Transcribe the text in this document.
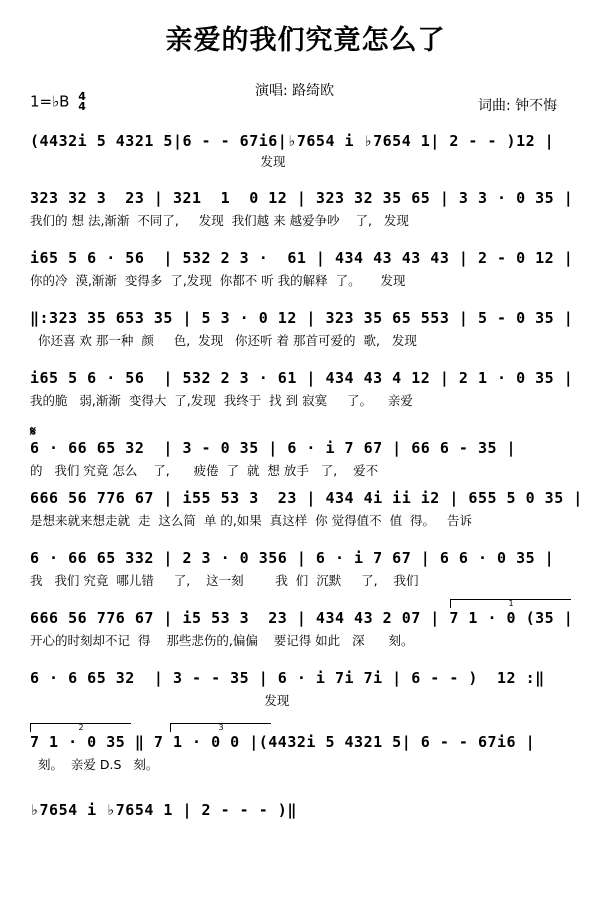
亲爱的我们究竟怎么了
1=♭B 4
4
演唱: 路绮欧
词曲: 钟不悔
(4432i 5 4321 5|6 - - 67i6|♭7654 i ♭7654 1| 2 - - )12 |
发现
323 32 3  23 | 321  1  0 12 | 323 32 35 65 | 3 3 · 0 35 |
我们的 想 法,渐渐  不同了,     发现  我们越 来 越爱争吵    了,   发现
i65 5 6 · 56  | 532 2 3 ·  61 | 434 43 43 43 | 2 - 0 12 |
你的冷  漠,渐渐  变得多  了,发现  你都不 听 我的解释  了。     发现
‖:323 35 653 35 | 5 3 · 0 12 | 323 35 65 553 | 5 - 0 35 |
你还喜 欢 那一种  颜     色,  发现   你还听 着 那首可爱的  歌,   发现
i65 5 6 · 56  | 532 2 3 · 61 | 434 43 4 12 | 2 1 · 0 35 |
我的脆   弱,渐渐  变得大  了,发现  我终于  找 到 寂寞     了。    亲爱
𝄋
6 · 66 65 32  | 3 - 0 35 | 6 · i 7 67 | 66 6 - 35 |
的   我们 究竟 怎么    了,      疲倦  了  就  想 放手   了,    爱不
666 56 776 67 | i55 53 3  23 | 434 4i ii i2 | 655 5 0 35 |
是想来就来想走就  走  这么简  单 的,如果  真这样  你 觉得值不  值  得。   告诉
6 · 66 65 332 | 2 3 · 0 356 | 6 · i 7 67 | 6 6 · 0 35 |
我   我们 究竟  哪儿错     了,    这一刻        我  们  沉默     了,    我们
1
666 56 776 67 | i5 53 3  23 | 434 43 2 07 | 7 1 · 0 (35 |
开心的时刻却不记  得    那些悲伤的,偏偏    要记得 如此   深      刻。
6 · 6 65 32  | 3 - - 35 | 6 · i 7i 7i | 6 - - )  12 :‖
发现
2	3
7 1 · 0 35 ‖ 7 1 · 0 0 |(4432i 5 4321 5| 6 - - 67i6 |
刻。  亲爱 D.S   刻。
♭7654 i ♭7654 1 | 2 - - - )‖
